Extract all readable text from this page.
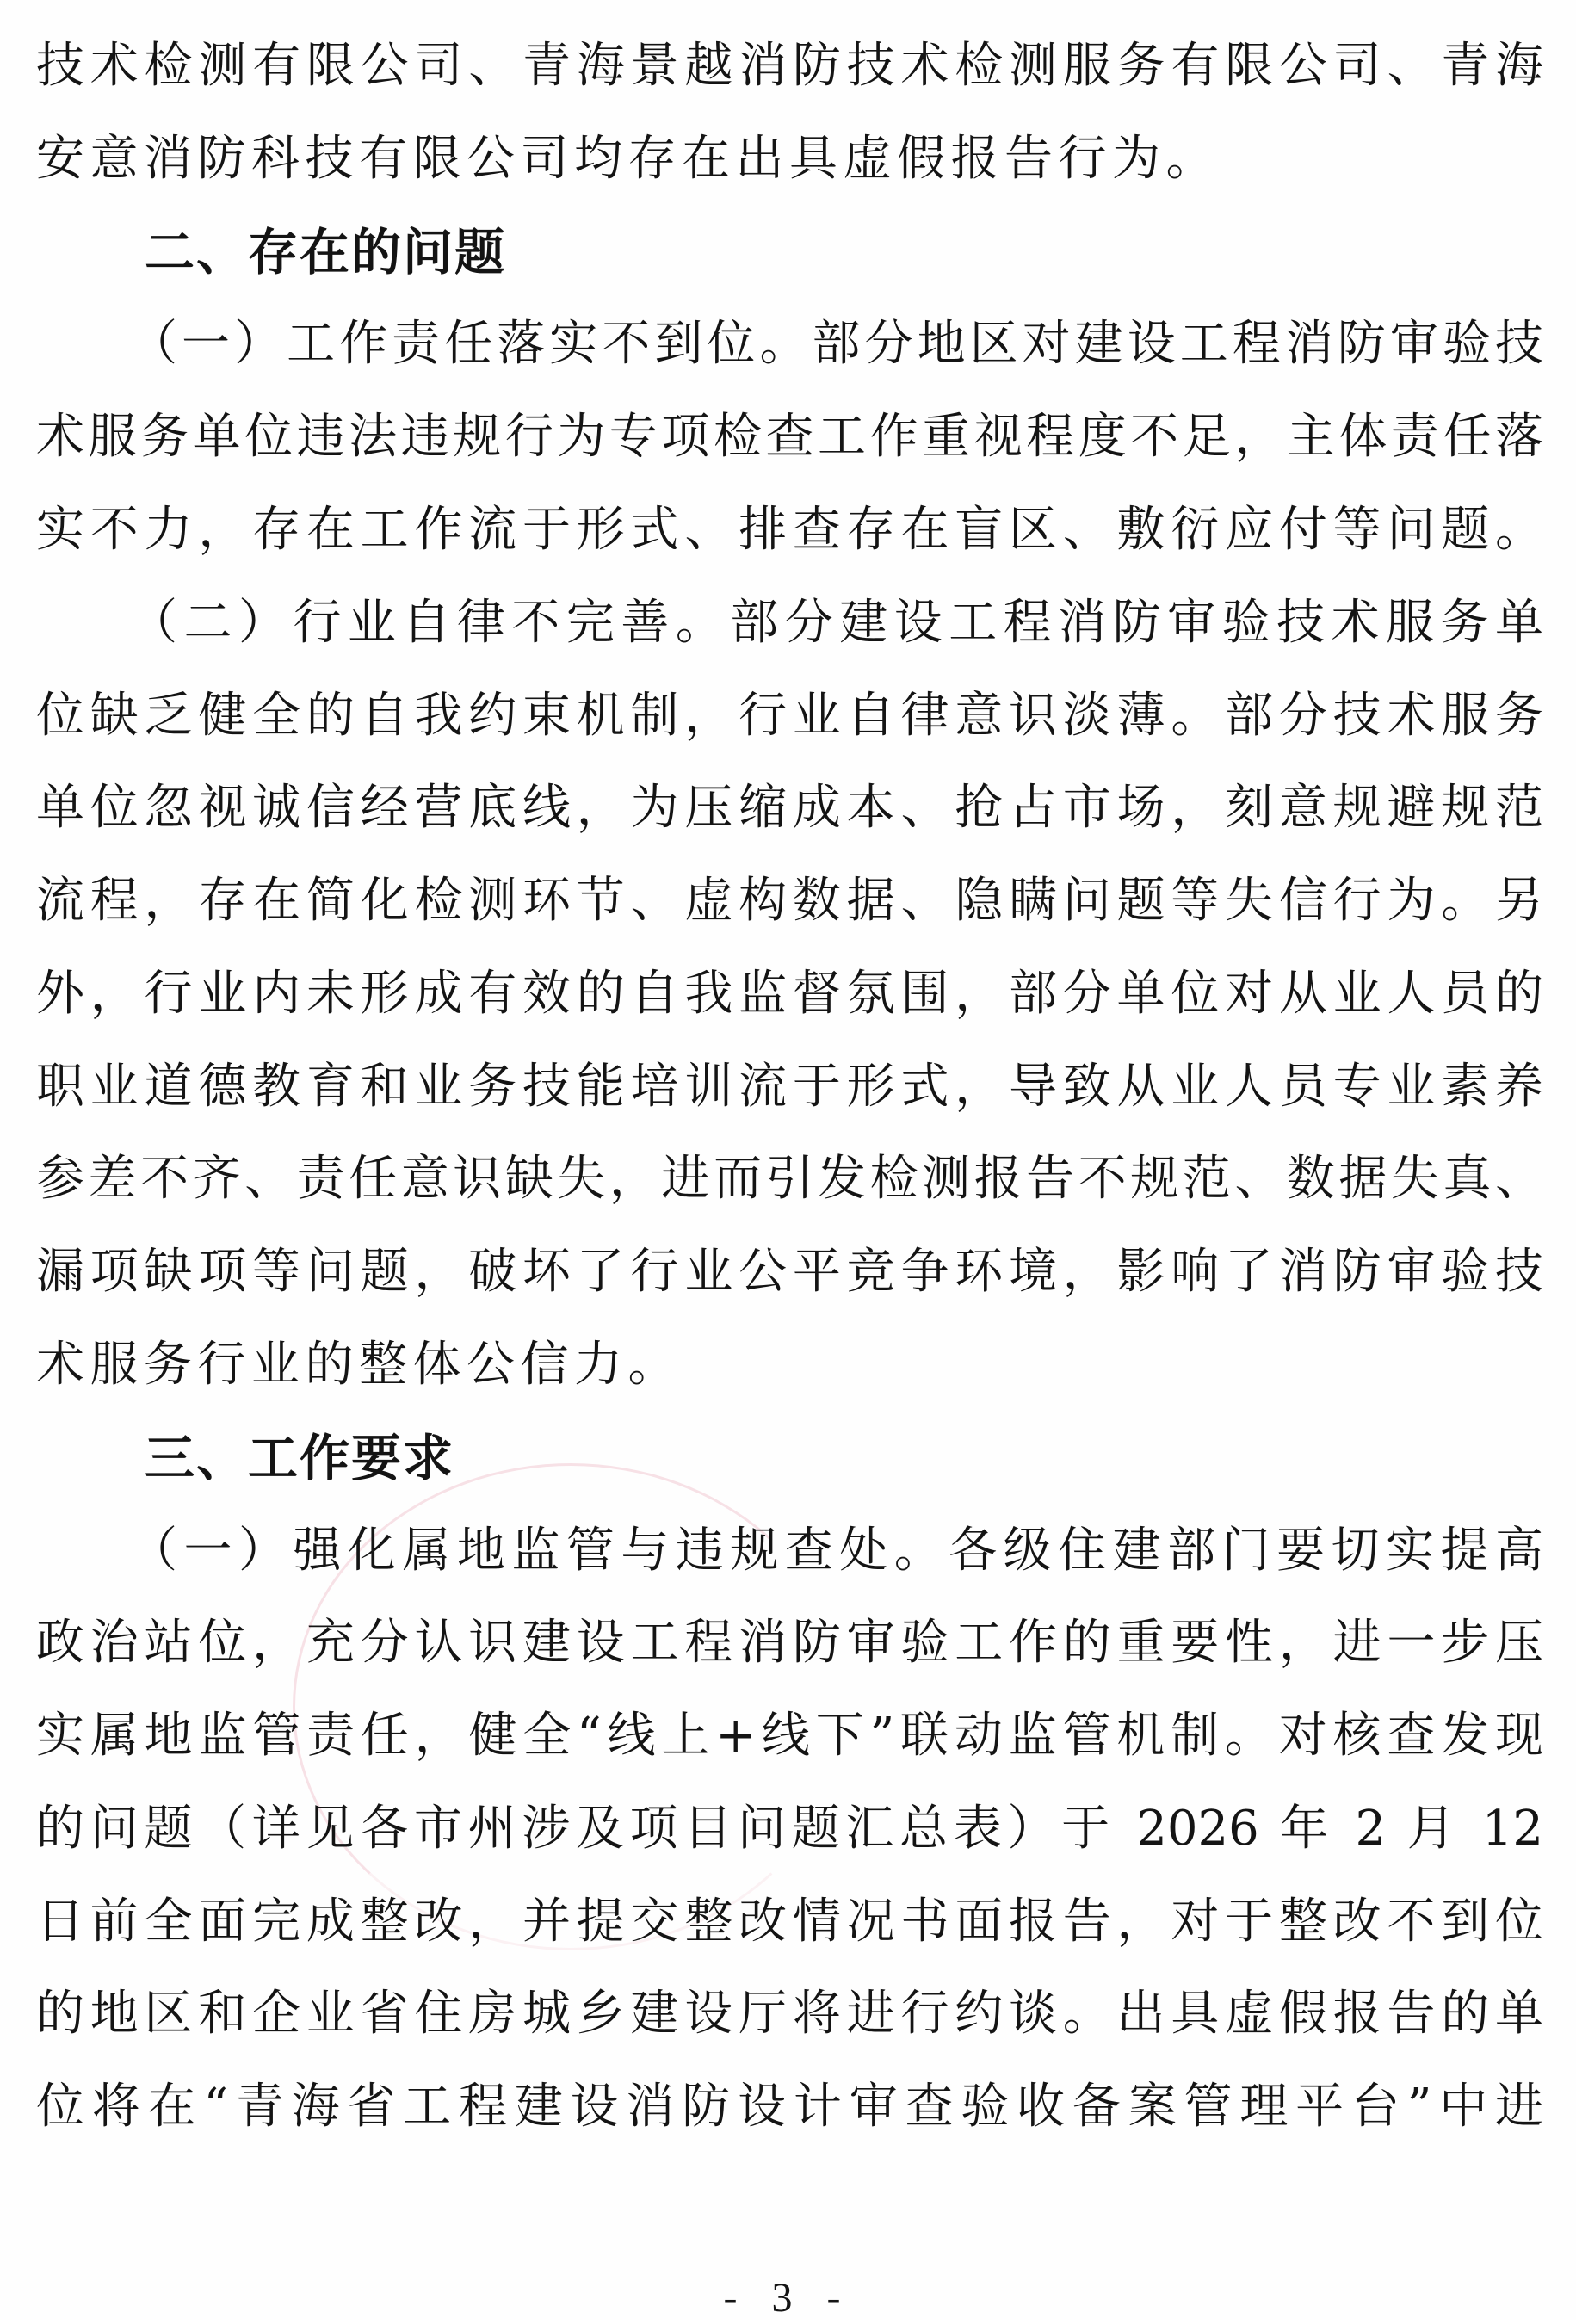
技术检测有限公司、青海景越消防技术检测服务有限公司、青海
安意消防科技有限公司均存在出具虚假报告行为。
二、存在的问题
（一）工作责任落实不到位。部分地区对建设工程消防审验技
术服务单位违法违规行为专项检查工作重视程度不足，主体责任落
实不力，存在工作流于形式、排查存在盲区、敷衍应付等问题。
（二）行业自律不完善。部分建设工程消防审验技术服务单
位缺乏健全的自我约束机制，行业自律意识淡薄。部分技术服务
单位忽视诚信经营底线，为压缩成本、抢占市场，刻意规避规范
流程，存在简化检测环节、虚构数据、隐瞒问题等失信行为。另
外，行业内未形成有效的自我监督氛围，部分单位对从业人员的
职业道德教育和业务技能培训流于形式，导致从业人员专业素养
参差不齐、责任意识缺失，进而引发检测报告不规范、数据失真、
漏项缺项等问题，破坏了行业公平竞争环境，影响了消防审验技
术服务行业的整体公信力。
三、工作要求
（一）强化属地监管与违规查处。各级住建部门要切实提高
政治站位，充分认识建设工程消防审验工作的重要性，进一步压
实属地监管责任，健全“线上+线下”联动监管机制。对核查发现
的问题（详见各市州涉及项目问题汇总表）于 2026 年 2 月 12
日前全面完成整改，并提交整改情况书面报告，对于整改不到位
的地区和企业省住房城乡建设厅将进行约谈。出具虚假报告的单
位将在“青海省工程建设消防设计审查验收备案管理平台”中进
- 3 -
